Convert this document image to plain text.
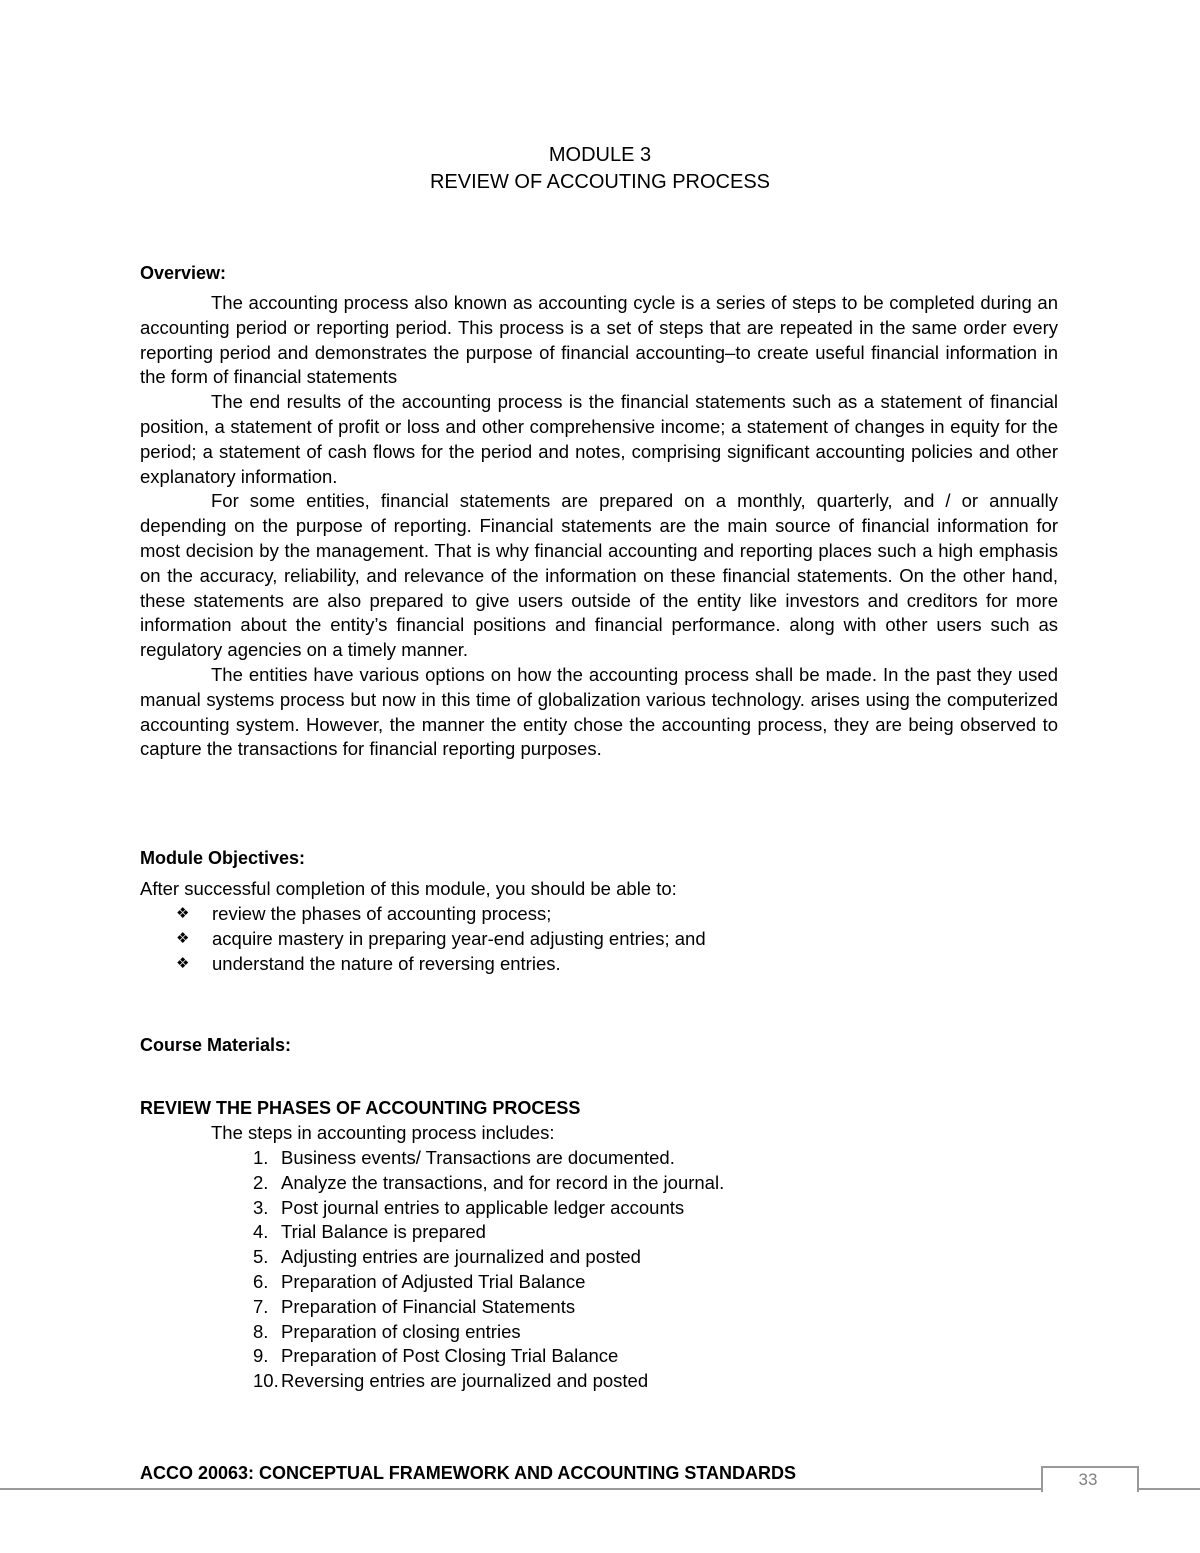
MODULE 3
REVIEW OF ACCOUTING PROCESS
Overview:

The accounting process also known as accounting cycle is a series of steps to be completed during an accounting period or reporting period. This process is a set of steps that are repeated in the same order every reporting period and demonstrates the purpose of financial accounting–to create useful financial information in the form of financial statements

The end results of the accounting process is the financial statements such as a statement of financial position, a statement of profit or loss and other comprehensive income; a statement of changes in equity for the period; a statement of cash flows for the period and notes, comprising significant accounting policies and other explanatory information.

For some entities, financial statements are prepared on a monthly, quarterly, and / or annually depending on the purpose of reporting. Financial statements are the main source of financial information for most decision by the management. That is why financial accounting and reporting places such a high emphasis on the accuracy, reliability, and relevance of the information on these financial statements. On the other hand, these statements are also prepared to give users outside of the entity like investors and creditors for more information about the entity’s financial positions and financial performance. along with other users such as regulatory agencies on a timely manner.

The entities have various options on how the accounting process shall be made. In the past they used manual systems process but now in this time of globalization various technology. arises using the computerized accounting system. However, the manner the entity chose the accounting process, they are being observed to capture the transactions for financial reporting purposes.

Module Objectives:
After successful completion of this module, you should be able to:
❖ review the phases of accounting process;
❖ acquire mastery in preparing year-end adjusting entries; and
❖ understand the nature of reversing entries.
Course Materials:
REVIEW THE PHASES OF ACCOUNTING PROCESS
The steps in accounting process includes:
1. Business events/ Transactions are documented.
2. Analyze the transactions, and for record in the journal.
3. Post journal entries to applicable ledger accounts
4. Trial Balance is prepared
5. Adjusting entries are journalized and posted
6. Preparation of Adjusted Trial Balance
7. Preparation of Financial Statements
8. Preparation of closing entries
9. Preparation of Post Closing Trial Balance
10. Reversing entries are journalized and posted
ACCO 20063: CONCEPTUAL FRAMEWORK AND ACCOUNTING STANDARDS	33
